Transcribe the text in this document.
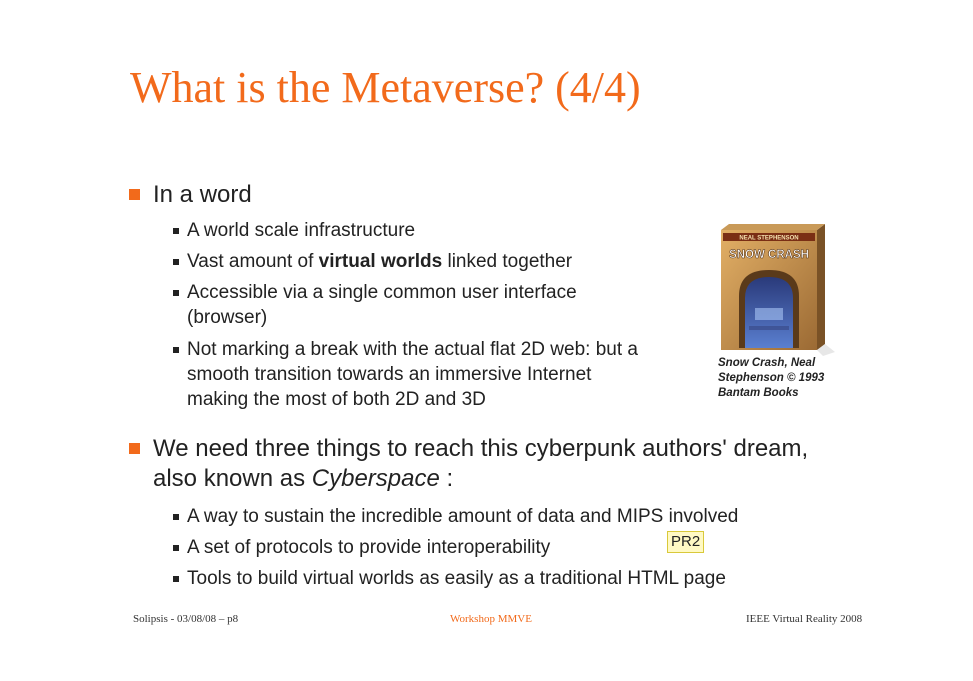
What is the Metaverse? (4/4)
In a word
A world scale infrastructure
Vast amount of virtual worlds linked together
Accessible via a single common user interface
(browser)
Not marking a break with the actual flat 2D web: but a
smooth transition towards an immersive Internet
making the most of both 2D and 3D
NEAL STEPHENSON
SNOW CRASH
Snow Crash, Neal
Stephenson © 1993
Bantam Books
We need three things to reach this cyberpunk authors' dream,
also known as Cyberspace :
A way to sustain the incredible amount of data and MIPS involved
A set of protocols to provide interoperability	PR2
Tools to build virtual worlds as easily as a traditional HTML page
Solipsis - 03/08/08 – p8	Workshop MMVE	IEEE Virtual Reality 2008
